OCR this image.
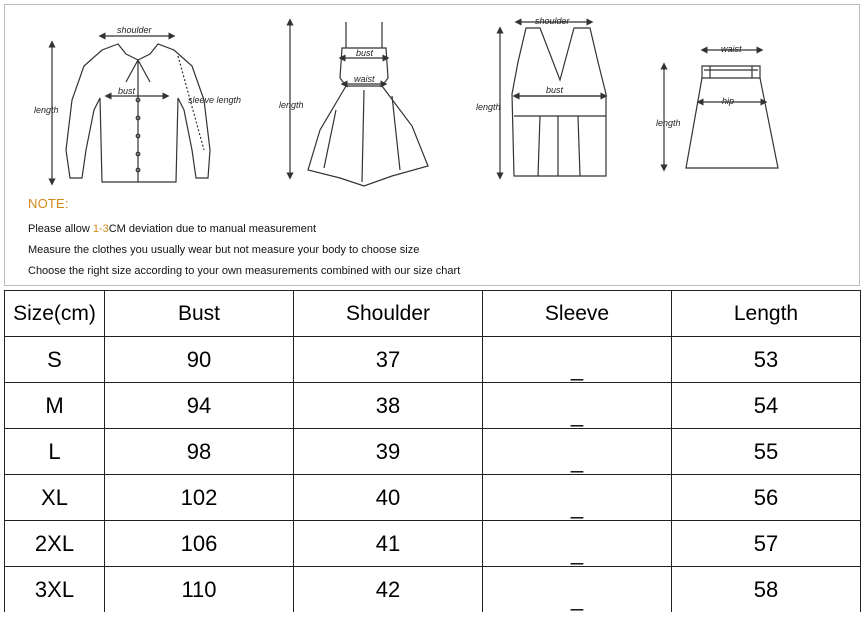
shoulder
length
bust
sleeve length
bust
waist
length
shoulder
bust
length
waist
hip
length
NOTE:
Please allow 1-3CM deviation due to manual measurement
Measure the clothes you usually wear but not measure your body to choose size
Choose the right size according to your own measurements combined with our size chart
Size(cm)	Bust	Shoulder	Sleeve	Length
S	90	37	_	53
M	94	38	_	54
L	98	39	_	55
XL	102	40	_	56
2XL	106	41	_	57
3XL	110	42	_	58
